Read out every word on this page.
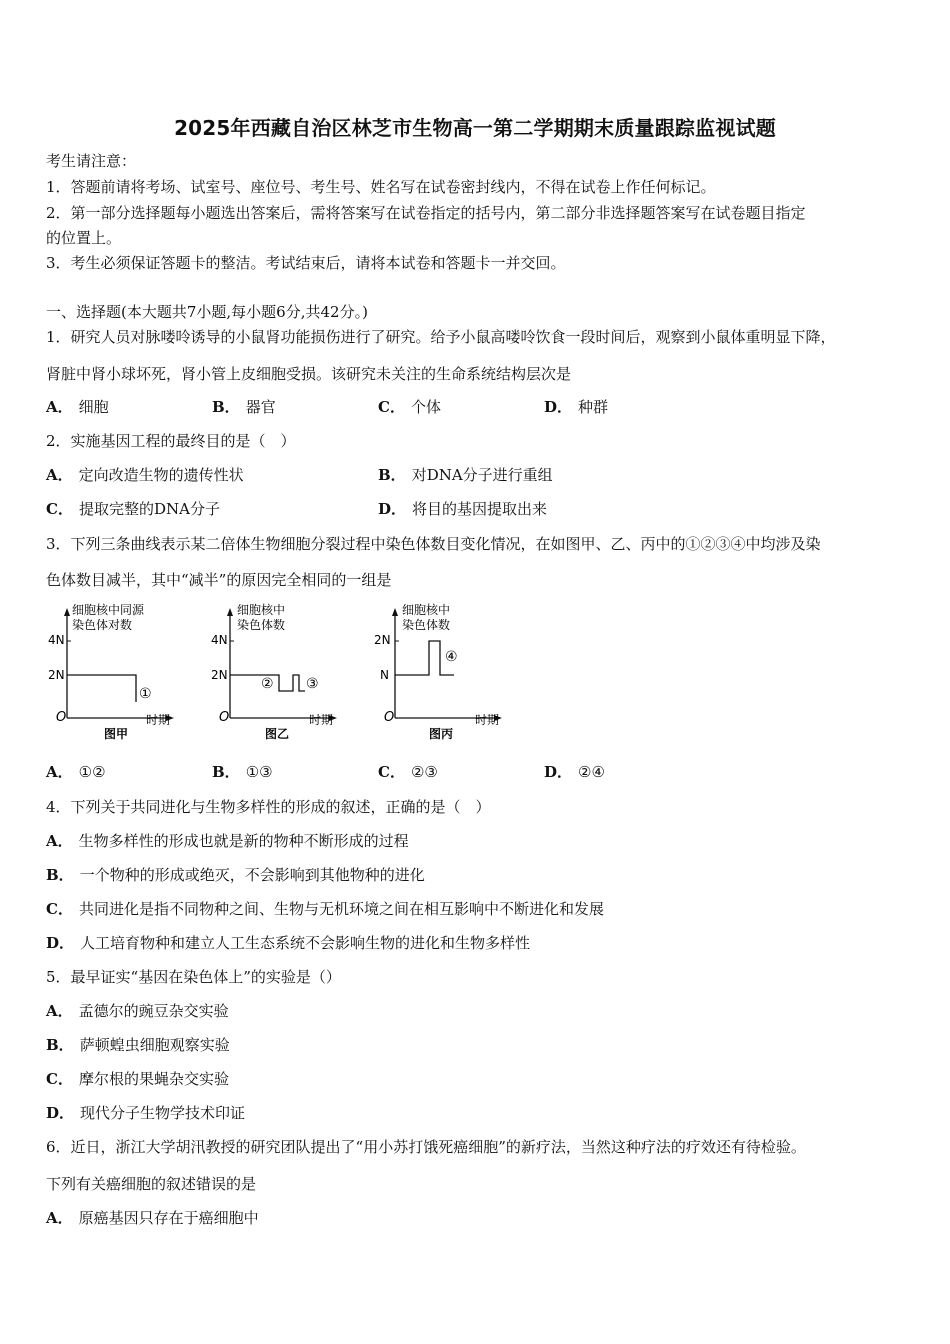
2025年西藏自治区林芝市生物高一第二学期期末质量跟踪监视试题
考生请注意：
1．答题前请将考场、试室号、座位号、考生号、姓名写在试卷密封线内，不得在试卷上作任何标记。
2．第一部分选择题每小题选出答案后，需将答案写在试卷指定的括号内，第二部分非选择题答案写在试卷题目指定
的位置上。
3．考生必须保证答题卡的整洁。考试结束后，请将本试卷和答题卡一并交回。
一、选择题(本大题共7小题,每小题6分,共42分。)
1．研究人员对脉喽呤诱导的小鼠肾功能损伤进行了研究。给予小鼠高喽呤饮食一段时间后，观察到小鼠体重明显下降，
肾脏中肾小球坏死，肾小管上皮细胞受损。该研究未关注的生命系统结构层次是
A． 细胞	B． 器官	C． 个体	D． 种群
2．实施基因工程的最终目的是（　）
A． 定向改造生物的遗传性状	B． 对DNA分子进行重组
C． 提取完整的DNA分子	D． 将目的基因提取出来
3．下列三条曲线表示某二倍体生物细胞分裂过程中染色体数目变化情况，在如图甲、乙、丙中的①②③④中均涉及染
色体数目减半，其中“减半”的原因完全相同的一组是
细胞核中同源
染色体对数
4N
2N
①
O	时期
图甲
细胞核中
染色体数
4N
2N
② ③
O	时期
图乙
细胞核中
染色体数
2N
N
④
O	时期
图丙
A． ①②	B． ①③	C． ②③	D． ②④
4．下列关于共同进化与生物多样性的形成的叙述，正确的是（　）
A． 生物多样性的形成也就是新的物种不断形成的过程
B． 一个物种的形成或绝灭，不会影响到其他物种的进化
C． 共同进化是指不同物种之间、生物与无机环境之间在相互影响中不断进化和发展
D． 人工培育物种和建立人工生态系统不会影响生物的进化和生物多样性
5．最早证实“基因在染色体上”的实验是（）
A． 孟德尔的豌豆杂交实验
B． 萨顿蝗虫细胞观察实验
C． 摩尔根的果蝇杂交实验
D． 现代分子生物学技术印证
6．近日，浙江大学胡汛教授的研究团队提出了“用小苏打饿死癌细胞”的新疗法，当然这种疗法的疗效还有待检验。
下列有关癌细胞的叙述错误的是
A． 原癌基因只存在于癌细胞中
